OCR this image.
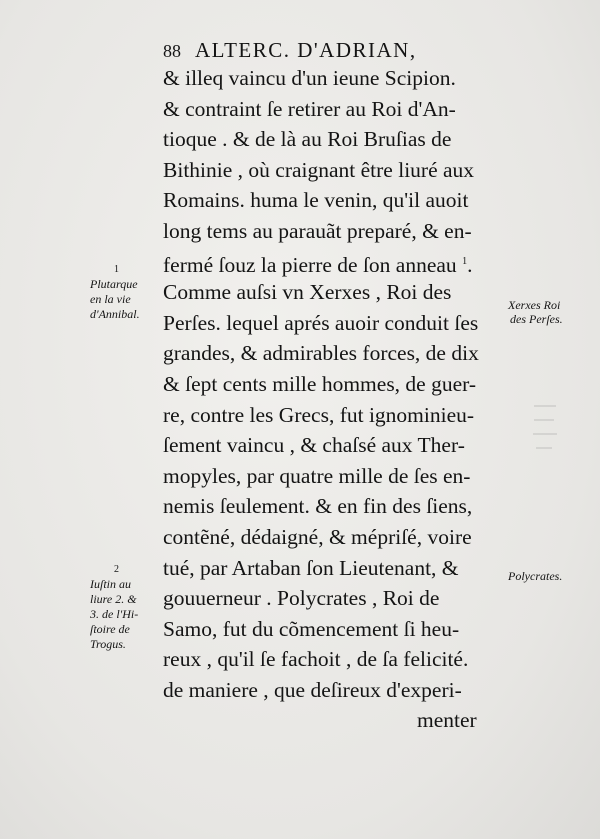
88 ALTERC. D'ADRIAN,
& illeq vaincu d'un ieune Scipion.
& contraint ſe retirer au Roi d'An-
tioque . & de là au Roi Bruſias de
Bithinie , où craignant être liuré aux
Romains. huma le venin, qu'il auoit
long tems au parauãt preparé, & en-
fermé ſouz la pierre de ſon anneau $^1$.
Comme auſsi vn Xerxes , Roi des
Perſes. lequel aprés auoir conduit ſes
grandes, & admirables forces, de dix
& ſept cents mille hommes, de guer-
re, contre les Grecs, fut ignominieu-
ſement vaincu , & chaſsé aux Ther-
mopyles, par quatre mille de ſes en-
nemis ſeulement. & en fin des ſiens,
contẽné, dédaigné, & mépriſé, voire
tué, par Artaban ſon Lieutenant, &
gouuerneur . Polycrates , Roi de
Samo, fut du cõmencement ſi heu-
reux , qu'il ſe fachoit , de ſa felicité.
de maniere , que deſireux d'experi-
menter
1
Plutarque
en la vie
d'Annibal.
2
Iuſtin au
liure 2. &
3. de l'Hi-
ſtoire de
Trogus.
Xerxes Roi
des Perſes.
Polycrates.
